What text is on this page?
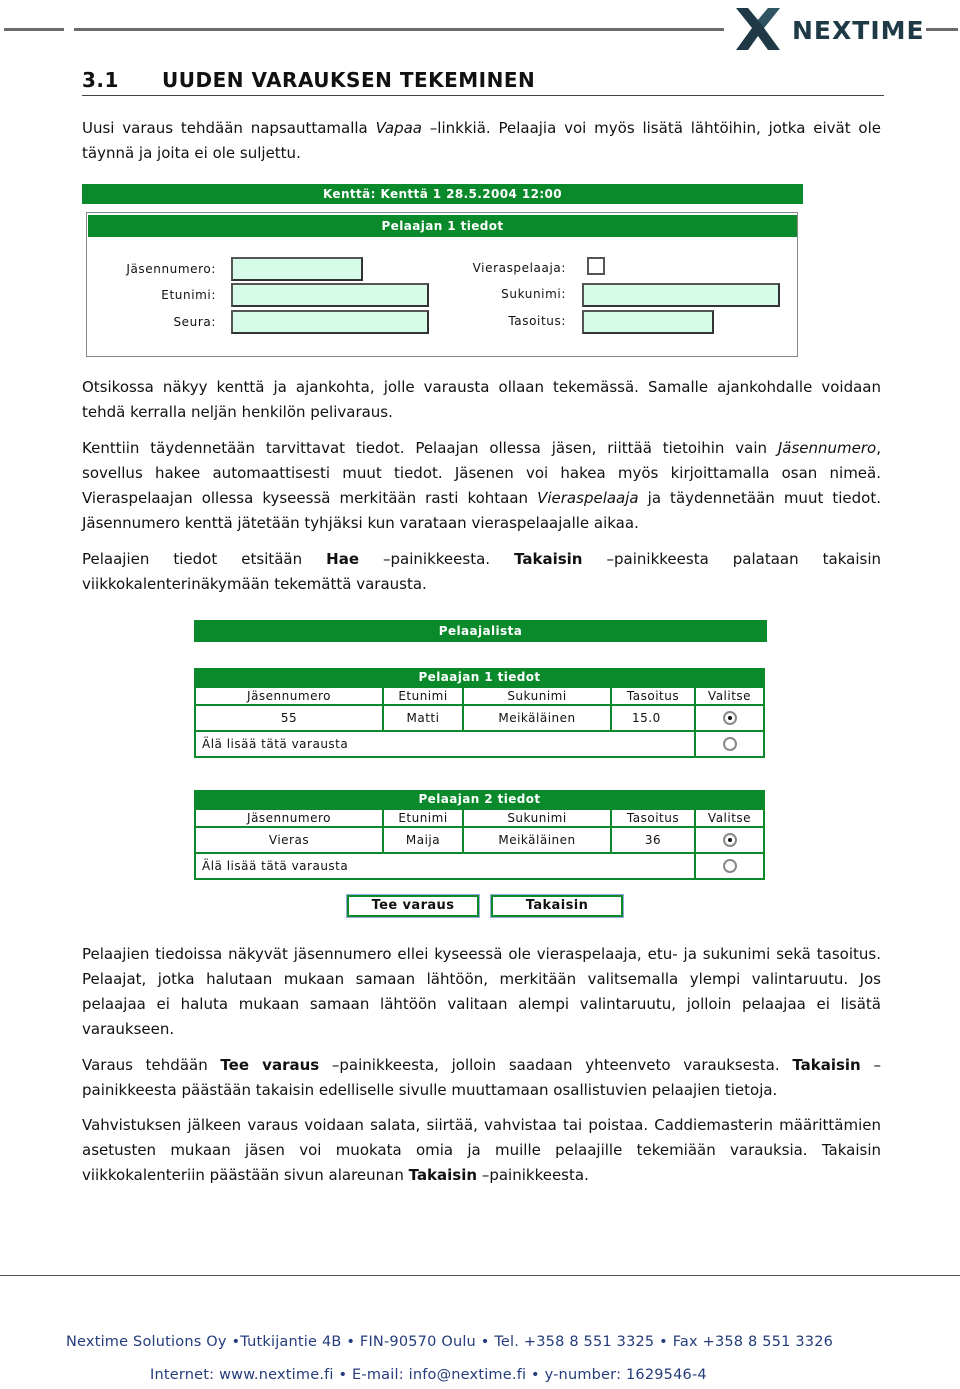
NEXTIME
3.1 UUDEN VARAUKSEN TEKEMINEN

Uusi varaus tehdään napsauttamalla Vapaa –linkkiä. Pelaajia voi myös lisätä lähtöihin, jotka eivät ole täynnä ja joita ei ole suljettu.

Kenttä: Kenttä 1 28.5.2004 12:00
Pelaajan 1 tiedot
Jäsennumero:
Etunimi:
Seura:
Vieraspelaaja:
Sukunimi:
Tasoitus:

Otsikossa näkyy kenttä ja ajankohta, jolle varausta ollaan tekemässä. Samalle ajankohdalle voidaan tehdä kerralla neljän henkilön pelivaraus.

Kenttiin täydennetään tarvittavat tiedot. Pelaajan ollessa jäsen, riittää tietoihin vain Jäsennumero, sovellus hakee automaattisesti muut tiedot. Jäsenen voi hakea myös kirjoittamalla osan nimeä. Vieraspelaajan ollessa kyseessä merkitään rasti kohtaan Vieraspelaaja ja täydennetään muut tiedot. Jäsennumero kenttä jätetään tyhjäksi kun varataan vieraspelaajalle aikaa.

Pelaajien tiedot etsitään Hae –painikkeesta. Takaisin –painikkeesta palataan takaisin viikkokalenterinäkymään tekemättä varausta.

Pelaajalista
Pelaajan 1 tiedot
Jäsennumero	Etunimi	Sukunimi	Tasoitus	Valitse
55	Matti	Meikäläinen	15.0	
Älä lisää tätä varausta				
Pelaajan 2 tiedot
Jäsennumero	Etunimi	Sukunimi	Tasoitus	Valitse
Vieras	Maija	Meikäläinen	36	
Älä lisää tätä varausta				
Tee varaus	Takaisin

Pelaajien tiedoissa näkyvät jäsennumero ellei kyseessä ole vieraspelaaja, etu- ja sukunimi sekä tasoitus. Pelaajat, jotka halutaan mukaan samaan lähtöön, merkitään valitsemalla ylempi valintaruutu. Jos pelaajaa ei haluta mukaan samaan lähtöön valitaan alempi valintaruutu, jolloin pelaajaa ei lisätä varaukseen.

Varaus tehdään Tee varaus –painikkeesta, jolloin saadaan yhteenveto varauksesta. Takaisin –painikkeesta päästään takaisin edelliselle sivulle muuttamaan osallistuvien pelaajien tietoja.

Vahvistuksen jälkeen varaus voidaan salata, siirtää, vahvistaa tai poistaa. Caddiemasterin määrittämien asetusten mukaan jäsen voi muokata omia ja muille pelaajille tekemiään varauksia. Takaisin viikkokalenteriin päästään sivun alareunan Takaisin –painikkeesta.

Nextime Solutions Oy •Tutkijantie 4B • FIN-90570 Oulu • Tel. +358 8 551 3325 • Fax +358 8 551 3326
Internet: www.nextime.fi • E-mail: info@nextime.fi • y-number: 1629546-4
